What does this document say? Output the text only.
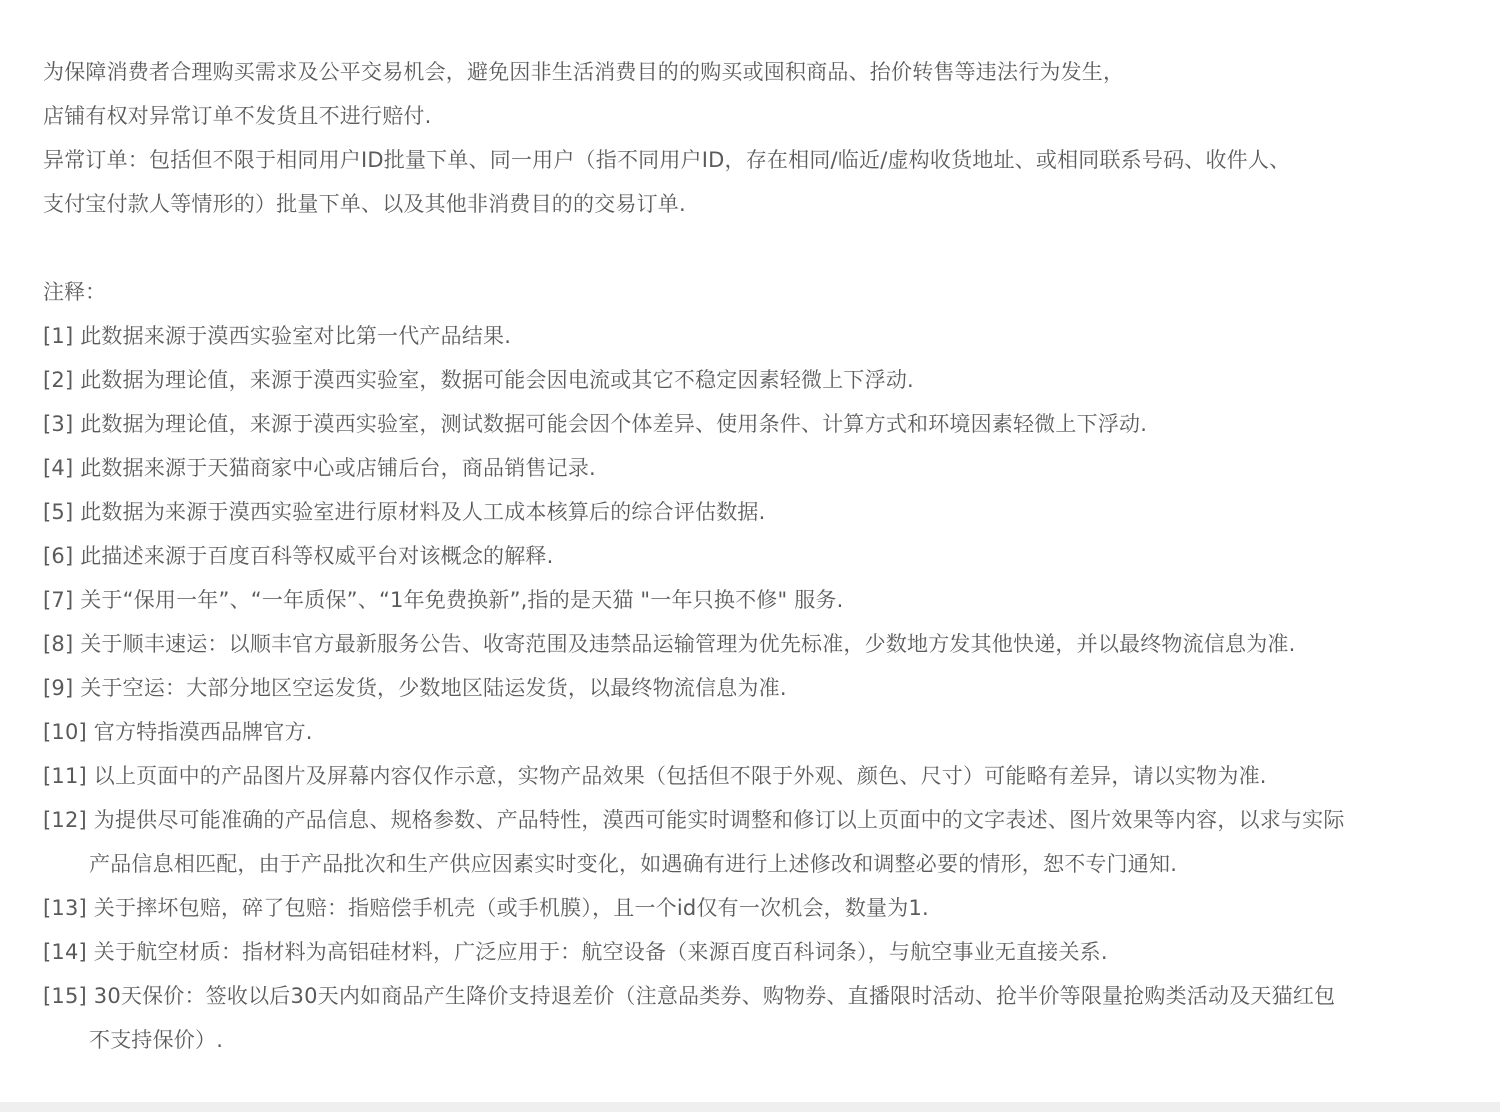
为保障消费者合理购买需求及公平交易机会，避免因非生活消费目的的购买或囤积商品、抬价转售等违法行为发生，

店铺有权对异常订单不发货且不进行赔付.

异常订单：包括但不限于相同用户ID批量下单、同一用户（指不同用户ID，存在相同/临近/虚构收货地址、或相同联系号码、收件人、

支付宝付款人等情形的）批量下单、以及其他非消费目的的交易订单.

注释：

[1] 此数据来源于漠西实验室对比第一代产品结果.

[2] 此数据为理论值，来源于漠西实验室，数据可能会因电流或其它不稳定因素轻微上下浮动.

[3] 此数据为理论值，来源于漠西实验室，测试数据可能会因个体差异、使用条件、计算方式和环境因素轻微上下浮动.

[4] 此数据来源于天猫商家中心或店铺后台，商品销售记录.

[5] 此数据为来源于漠西实验室进行原材料及人工成本核算后的综合评估数据.

[6] 此描述来源于百度百科等权威平台对该概念的解释.

[7] 关于“保用一年”、“一年质保”、“1年免费换新”,指的是天猫 "一年只换不修" 服务.

[8] 关于顺丰速运：以顺丰官方最新服务公告、收寄范围及违禁品运输管理为优先标准，少数地方发其他快递，并以最终物流信息为准.

[9] 关于空运：大部分地区空运发货，少数地区陆运发货，以最终物流信息为准.

[10] 官方特指漠西品牌官方.

[11] 以上页面中的产品图片及屏幕内容仅作示意，实物产品效果（包括但不限于外观、颜色、尺寸）可能略有差异，请以实物为准.

[12] 为提供尽可能准确的产品信息、规格参数、产品特性，漠西可能实时调整和修订以上页面中的文字表述、图片效果等内容，以求与实际
产品信息相匹配，由于产品批次和生产供应因素实时变化，如遇确有进行上述修改和调整必要的情形，恕不专门通知.

[13] 关于摔坏包赔，碎了包赔：指赔偿手机壳（或手机膜），且一个id仅有一次机会，数量为1.

[14] 关于航空材质：指材料为高铝硅材料，广泛应用于：航空设备（来源百度百科词条），与航空事业无直接关系.

[15] 30天保价：签收以后30天内如商品产生降价支持退差价（注意品类券、购物券、直播限时活动、抢半价等限量抢购类活动及天猫红包
不支持保价）.
